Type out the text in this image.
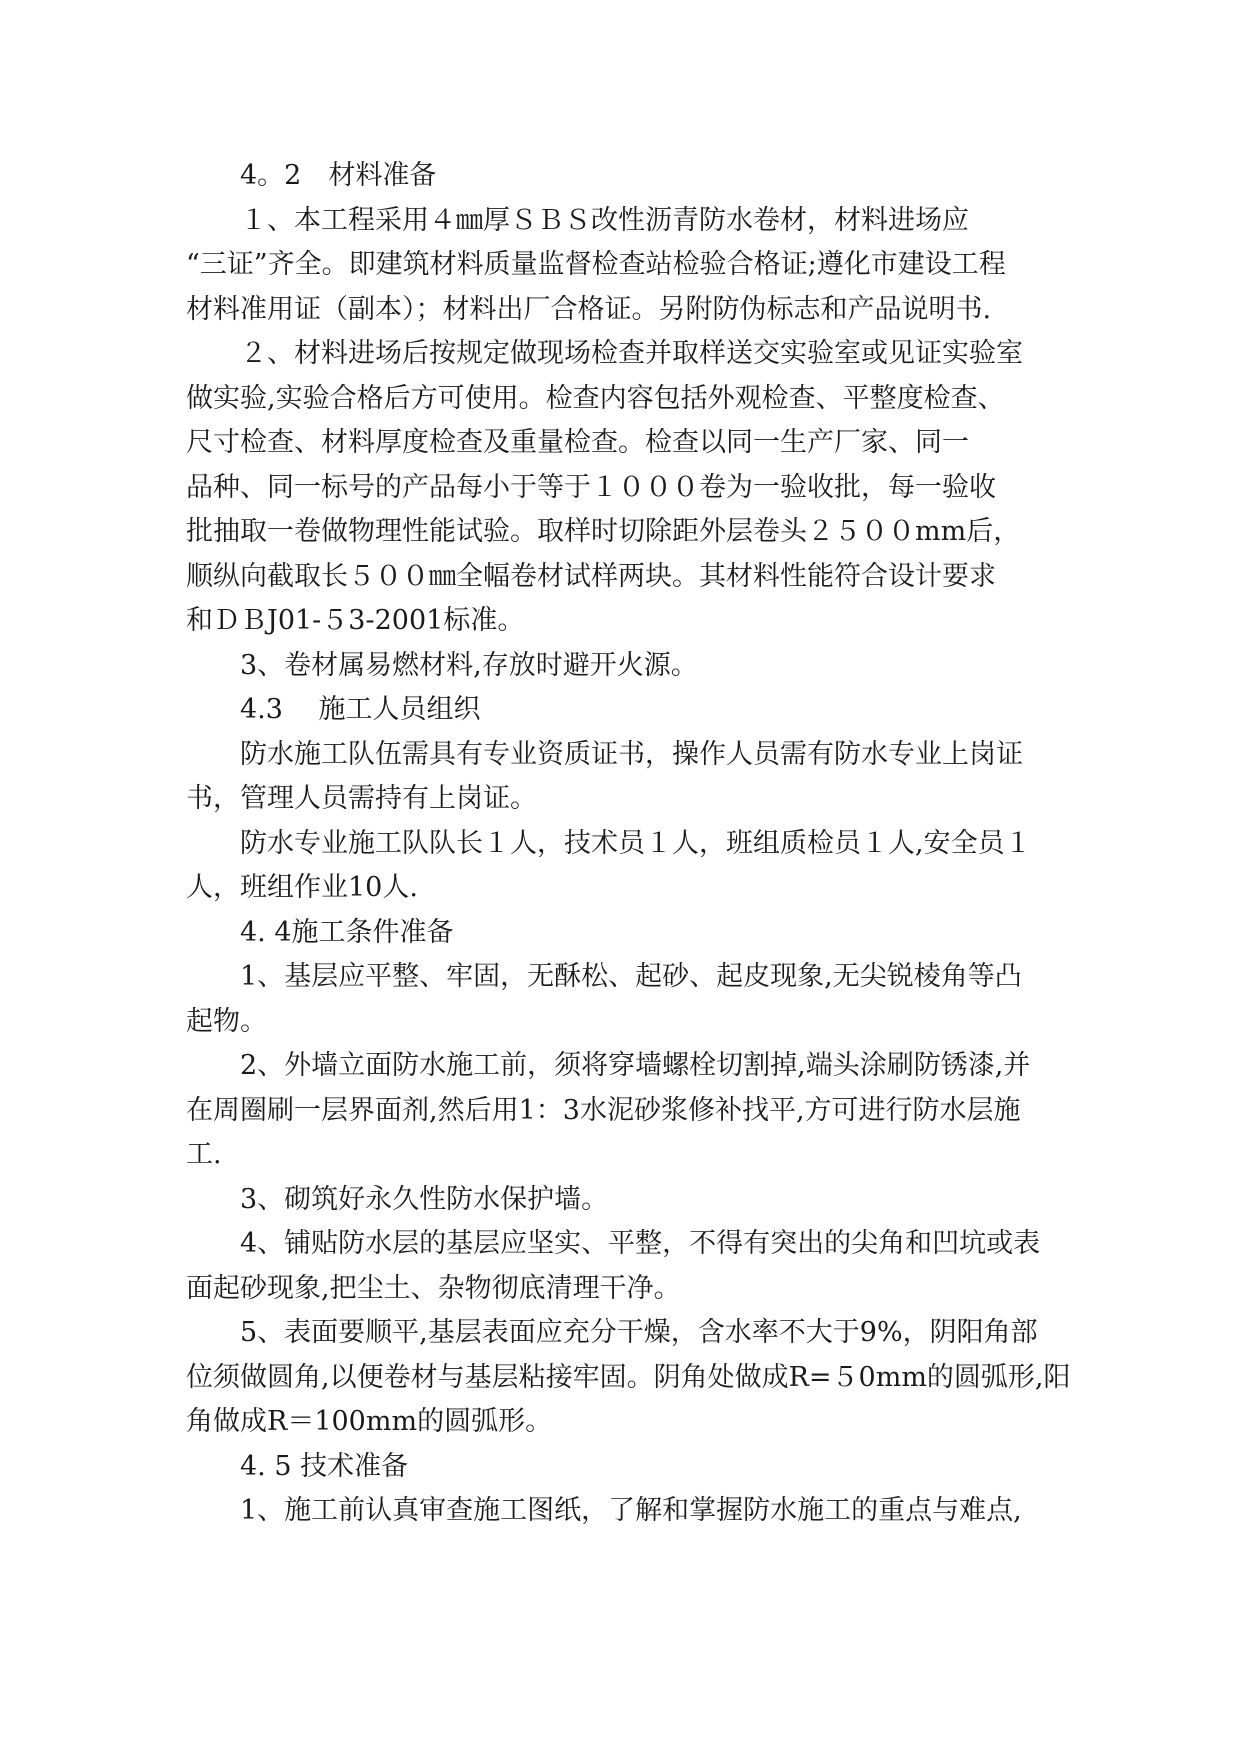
4。2　材料准备
１、本工程采用４㎜厚ＳＢＳ改性沥青防水卷材，材料进场应
“三证”齐全。即建筑材料质量监督检查站检验合格证;遵化市建设工程
材料准用证（副本）；材料出厂合格证。另附防伪标志和产品说明书.
２、材料进场后按规定做现场检查并取样送交实验室或见证实验室
做实验,实验合格后方可使用。检查内容包括外观检查、平整度检查、
尺寸检查、材料厚度检查及重量检查。检查以同一生产厂家、同一
品种、同一标号的产品每小于等于１０００卷为一验收批，每一验收
批抽取一卷做物理性能试验。取样时切除距外层卷头２５００mm后，
顺纵向截取长５００㎜全幅卷材试样两块。其材料性能符合设计要求
和ＤＢJ01-５3-2001标准。
3、卷材属易燃材料,存放时避开火源。
4.3　 施工人员组织
防水施工队伍需具有专业资质证书，操作人员需有防水专业上岗证
书，管理人员需持有上岗证。
防水专业施工队队长１人，技术员１人，班组质检员１人,安全员１
人，班组作业10人.
4. 4施工条件准备
1、基层应平整、牢固，无酥松、起砂、起皮现象,无尖锐棱角等凸
起物。
2、外墙立面防水施工前，须将穿墙螺栓切割掉,端头涂刷防锈漆,并
在周圈刷一层界面剂,然后用1：3水泥砂浆修补找平,方可进行防水层施
工.
3、砌筑好永久性防水保护墙。
4、铺贴防水层的基层应坚实、平整，不得有突出的尖角和凹坑或表
面起砂现象,把尘土、杂物彻底清理干净。
5、表面要顺平,基层表面应充分干燥，含水率不大于9%，阴阳角部
位须做圆角,以便卷材与基层粘接牢固。阴角处做成R=５0mm的圆弧形,阳
角做成R＝100mm的圆弧形。
4. 5 技术准备
1、施工前认真审查施工图纸，了解和掌握防水施工的重点与难点,
